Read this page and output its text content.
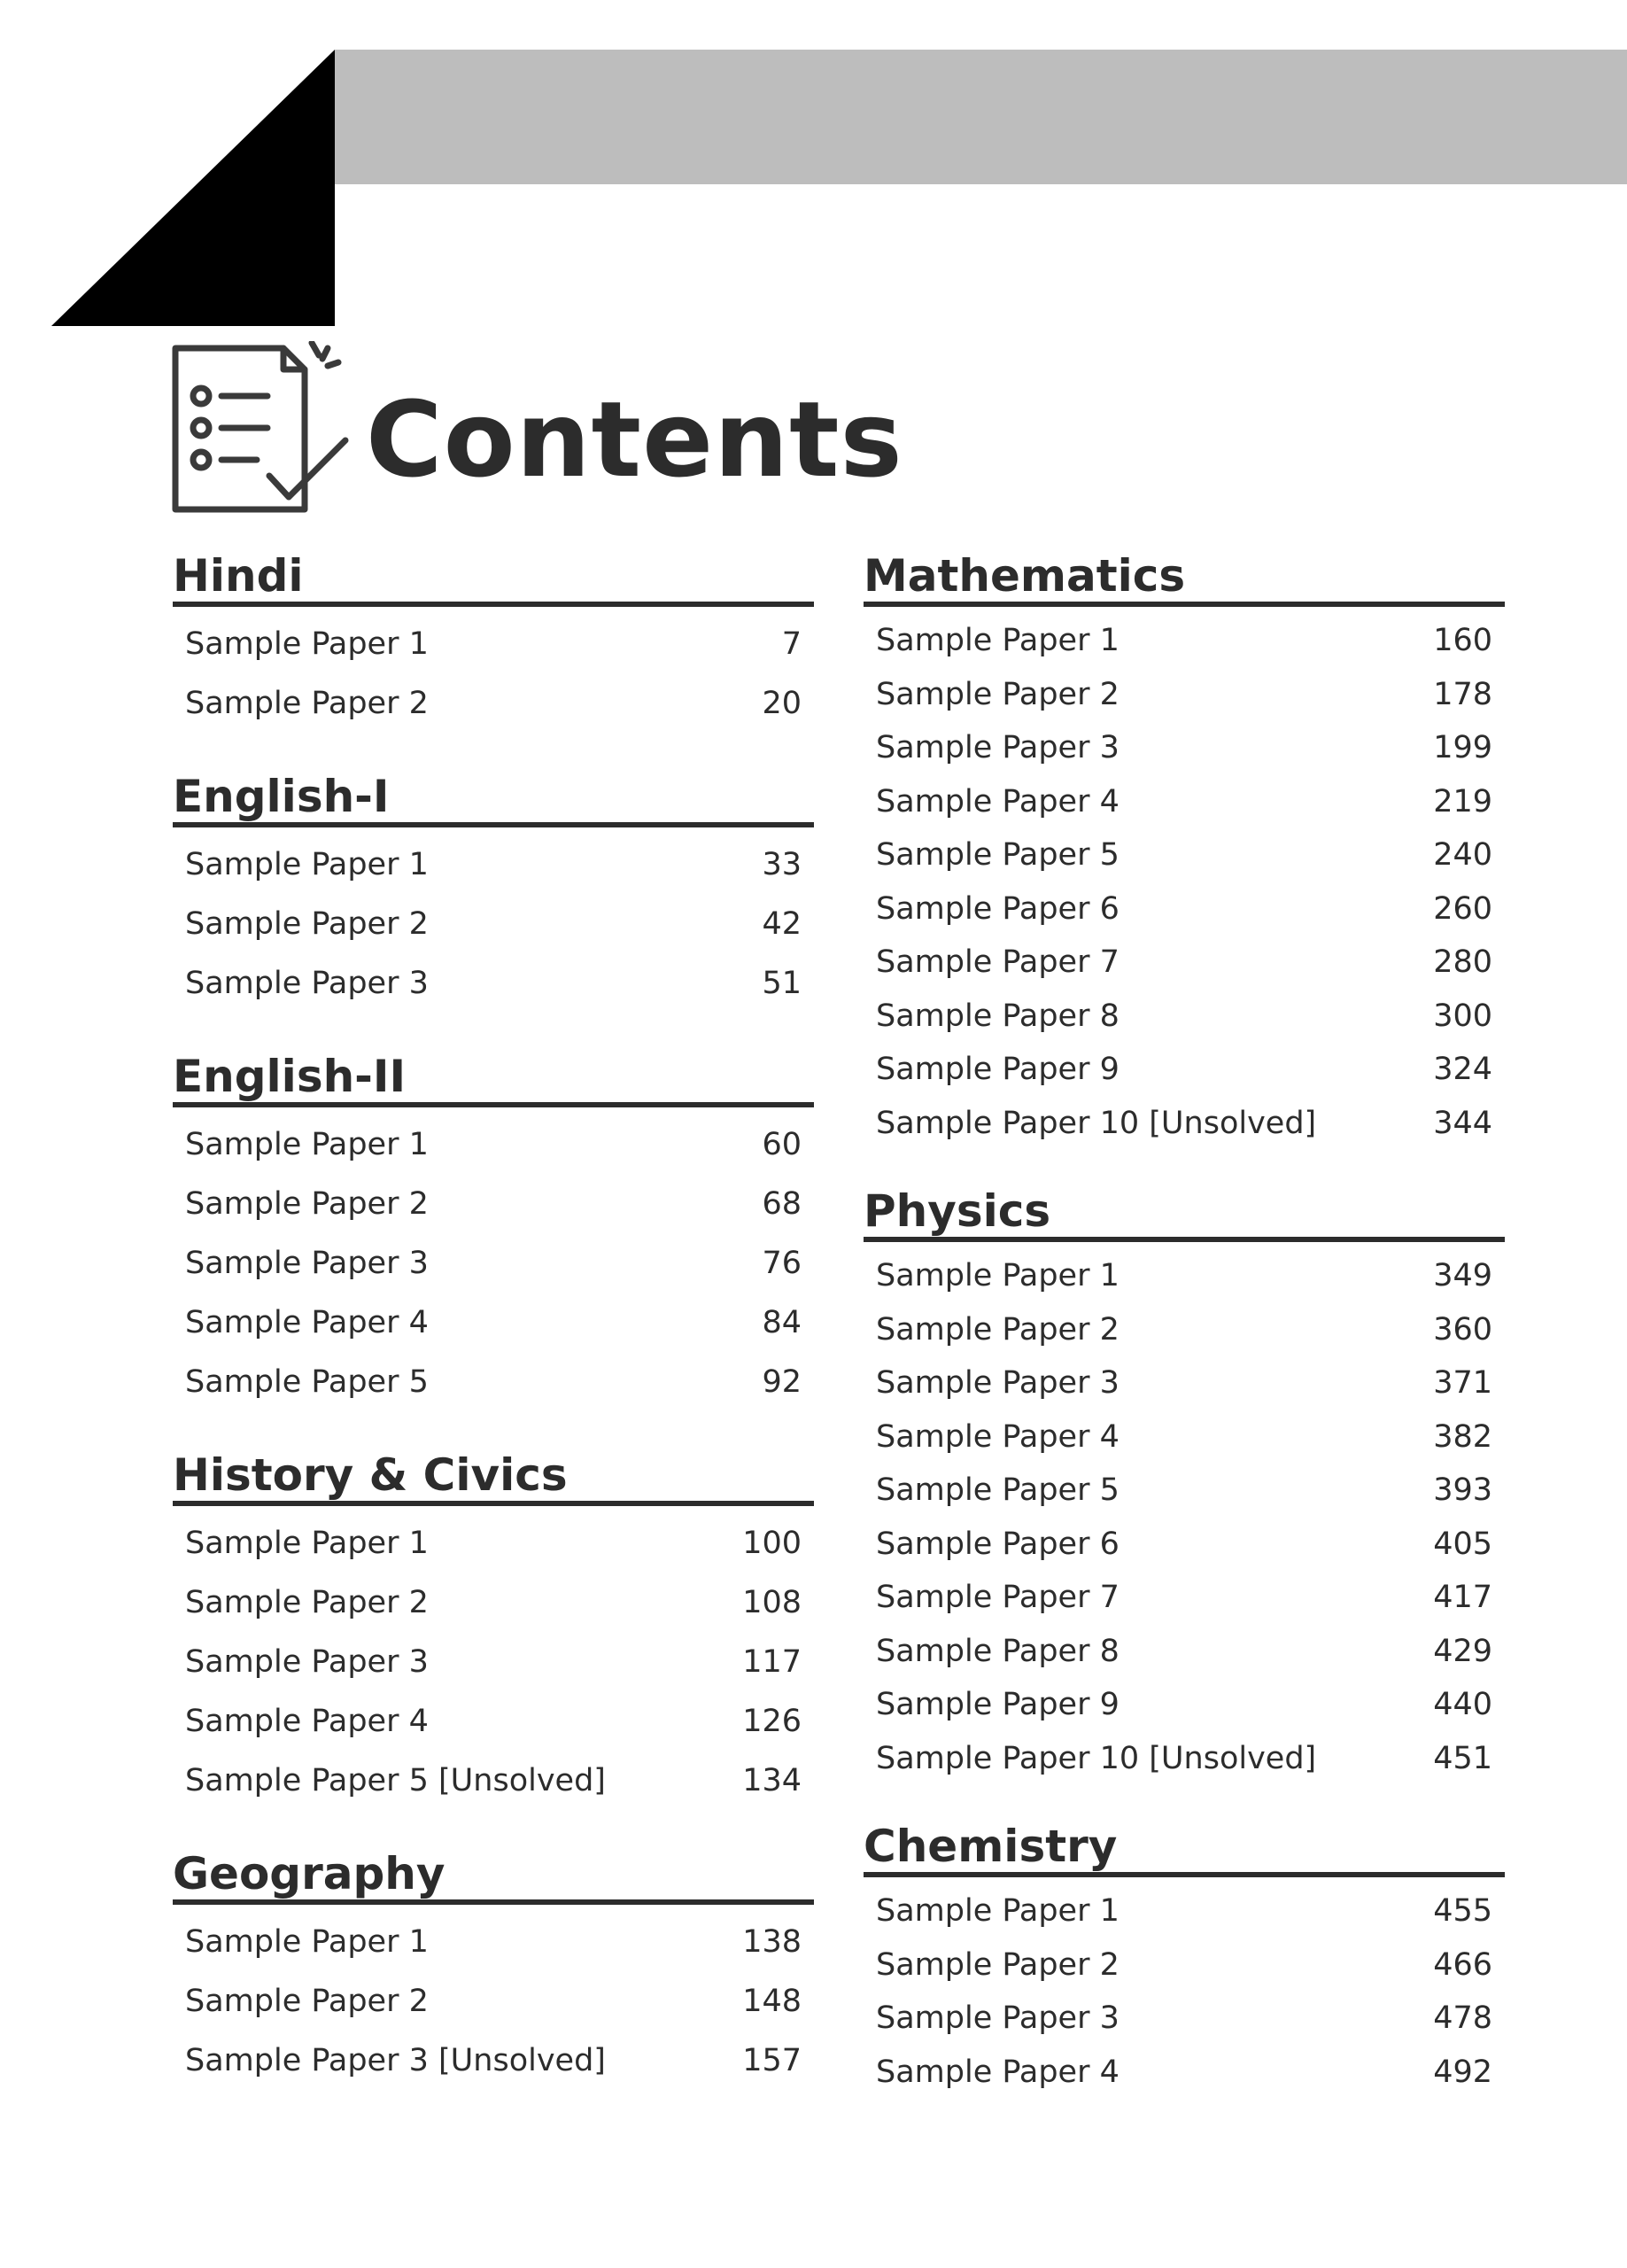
Contents
Hindi
Sample Paper 1	7
Sample Paper 2	20
English-I
Sample Paper 1	33
Sample Paper 2	42
Sample Paper 3	51
English-II
Sample Paper 1	60
Sample Paper 2	68
Sample Paper 3	76
Sample Paper 4	84
Sample Paper 5	92
History & Civics
Sample Paper 1	100
Sample Paper 2	108
Sample Paper 3	117
Sample Paper 4	126
Sample Paper 5 [Unsolved]	134
Geography
Sample Paper 1	138
Sample Paper 2	148
Sample Paper 3 [Unsolved]	157
Mathematics
Sample Paper 1	160
Sample Paper 2	178
Sample Paper 3	199
Sample Paper 4	219
Sample Paper 5	240
Sample Paper 6	260
Sample Paper 7	280
Sample Paper 8	300
Sample Paper 9	324
Sample Paper 10 [Unsolved]	344
Physics
Sample Paper 1	349
Sample Paper 2	360
Sample Paper 3	371
Sample Paper 4	382
Sample Paper 5	393
Sample Paper 6	405
Sample Paper 7	417
Sample Paper 8	429
Sample Paper 9	440
Sample Paper 10 [Unsolved]	451
Chemistry
Sample Paper 1	455
Sample Paper 2	466
Sample Paper 3	478
Sample Paper 4	492
